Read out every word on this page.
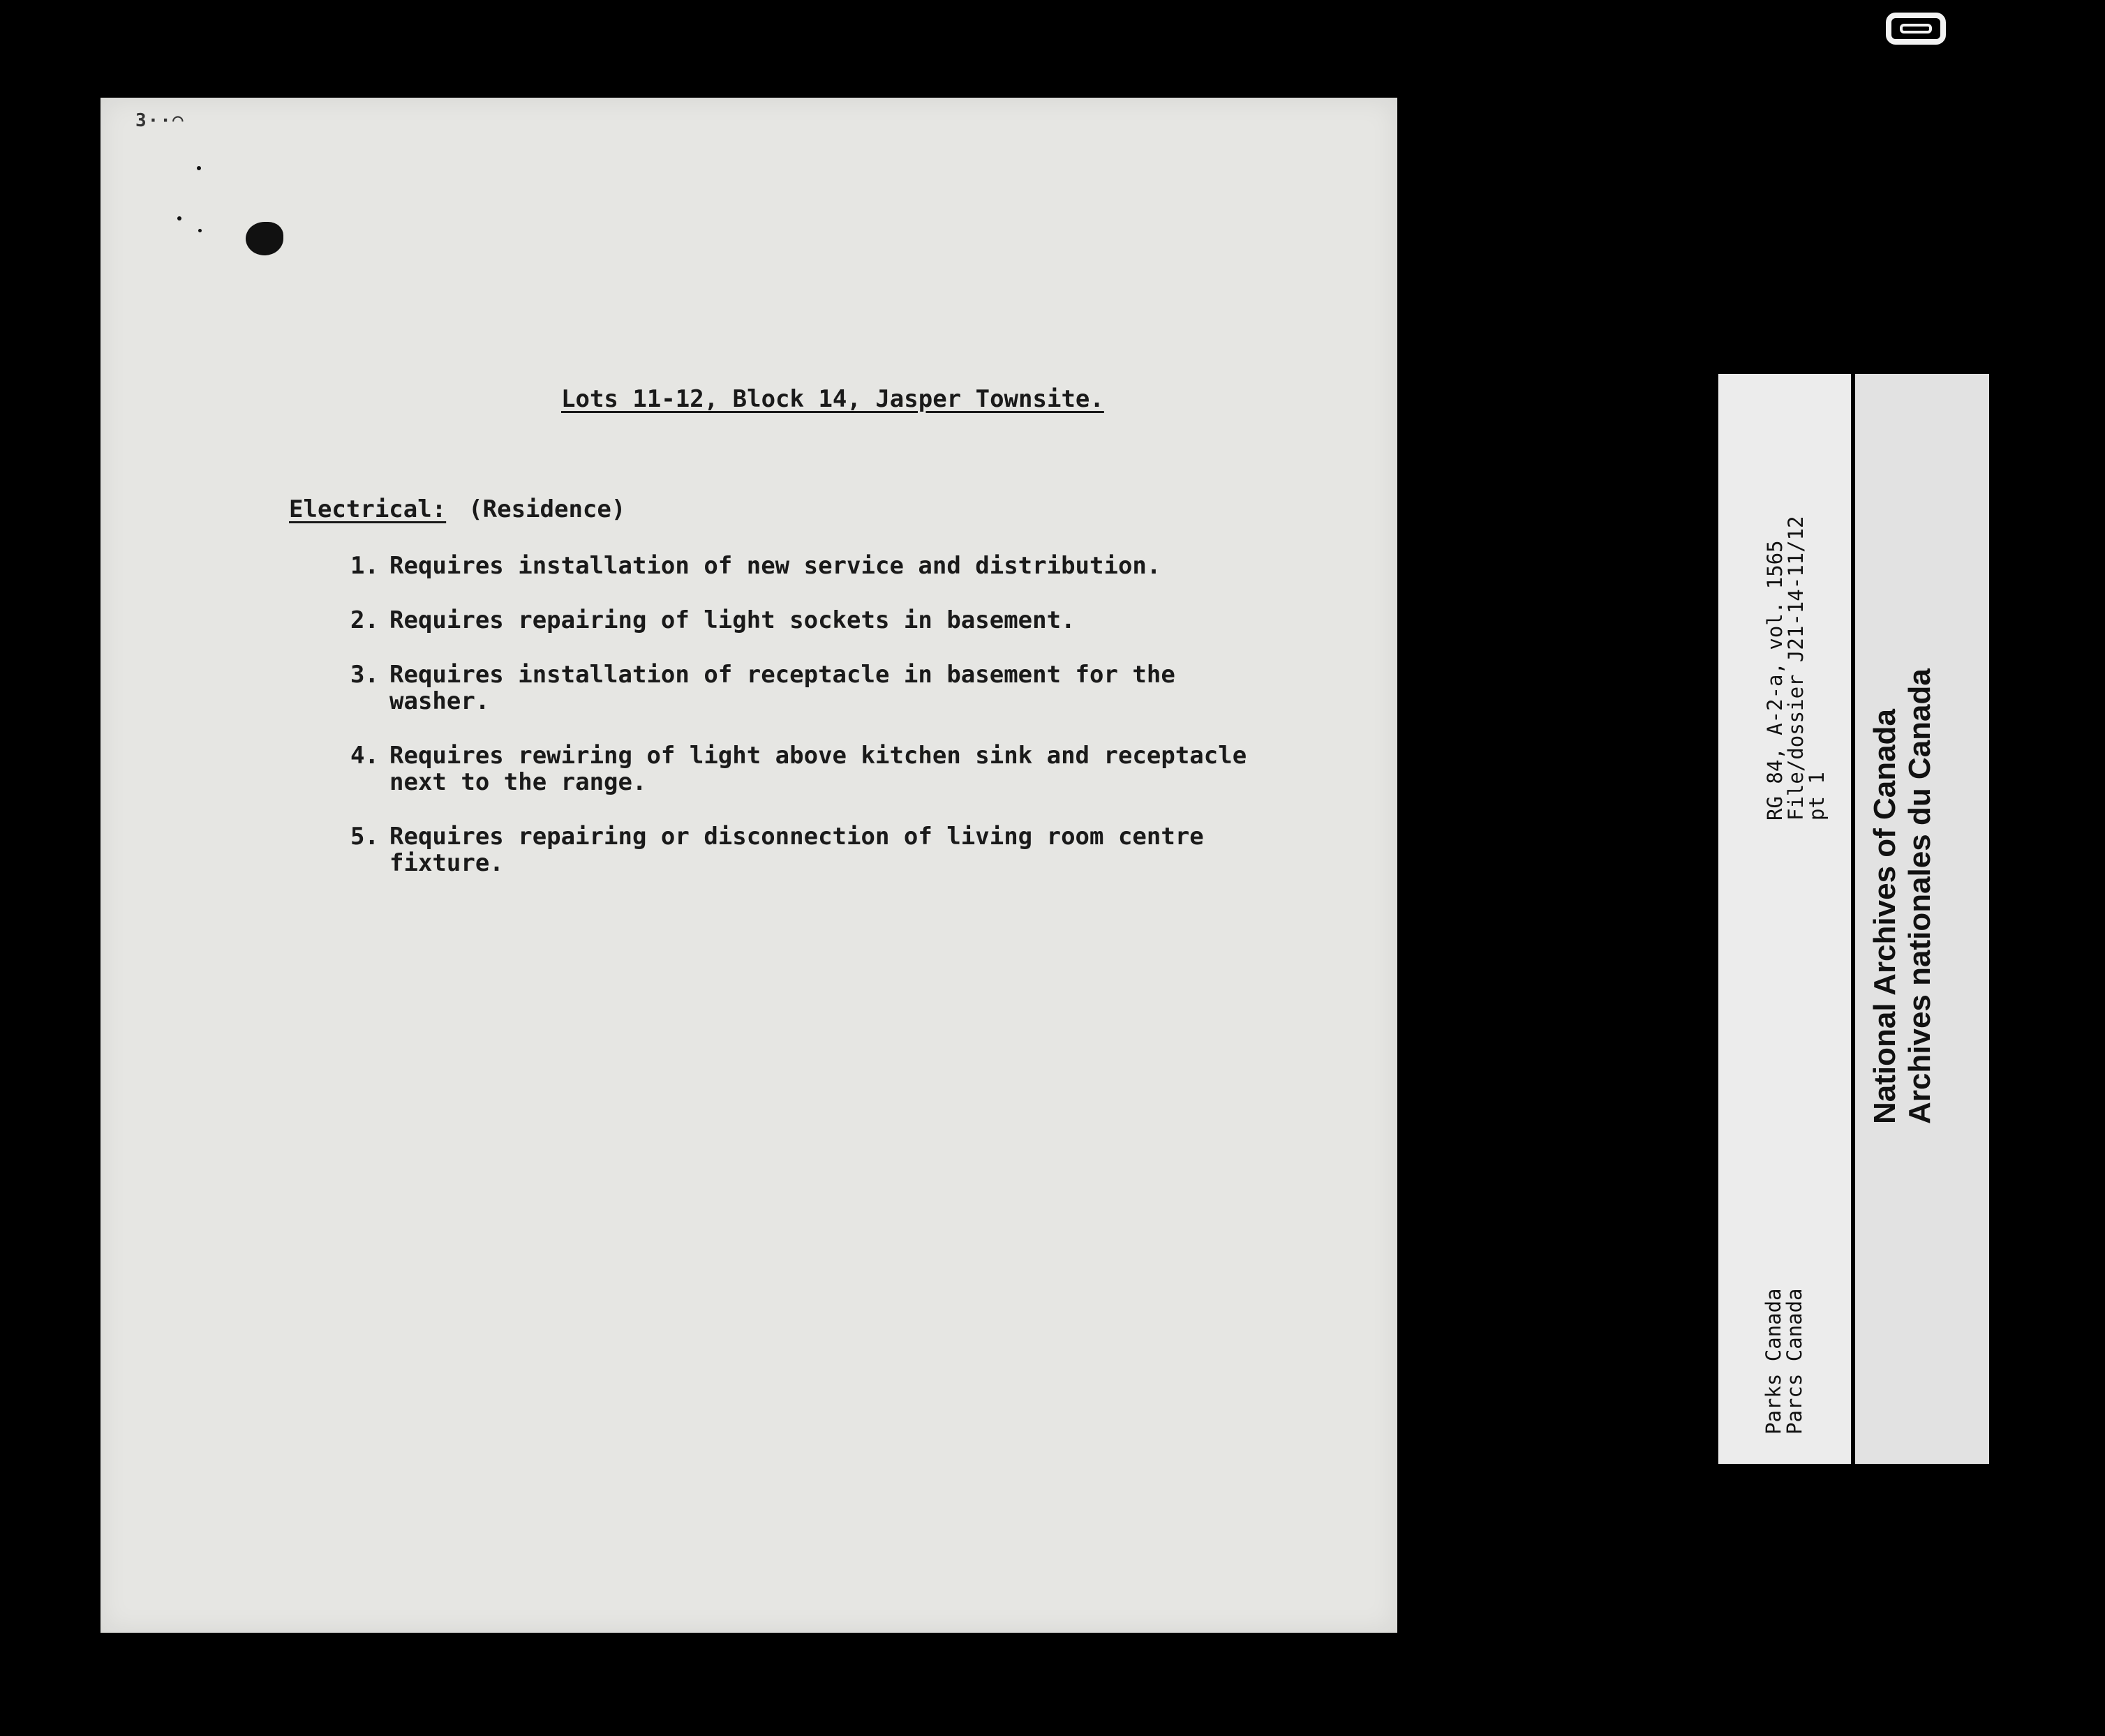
3··◠
Lots 11-12, Block 14, Jasper Townsite.
Electrical: (Residence)
1. Requires installation of new service and distribution.
2. Requires repairing of light sockets in basement.
3. Requires installation of receptacle in basement for the
washer.
4. Requires rewiring of light above kitchen sink and receptacle
next to the range.
5. Requires repairing or disconnection of living room centre
fixture.
RG 84, A-2-a, vol. 1565
File/dossier J21-14-11/12
pt 1
Parks Canada
Parcs Canada
National Archives of Canada Archives nationales du Canada
